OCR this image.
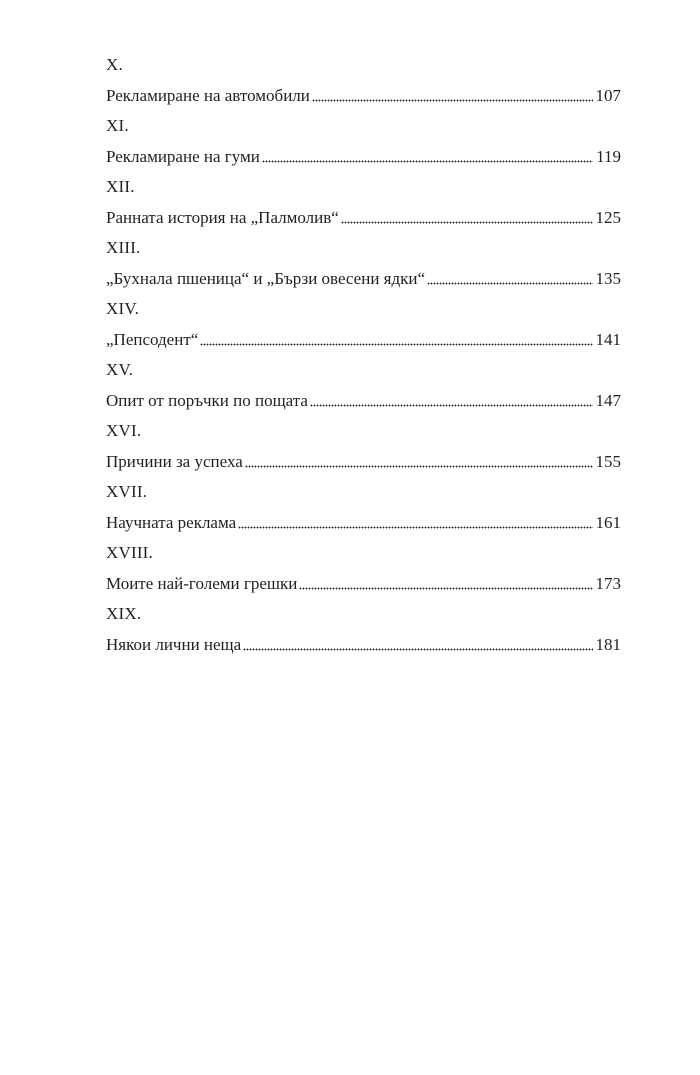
X.
Рекламиране на автомобили	107
XI.
Рекламиране на гуми	119
XII.
Ранната история на „Палмолив“	125
XIII.
„Бухнала пшеница“ и „Бързи овесени ядки“	135
XIV.
„Пепсодент“	141
XV.
Опит от поръчки по пощата	147
XVI.
Причини за успеха	155
XVII.
Научната реклама	161
XVIII.
Моите най-големи грешки	173
XIX.
Някои лични неща	181
